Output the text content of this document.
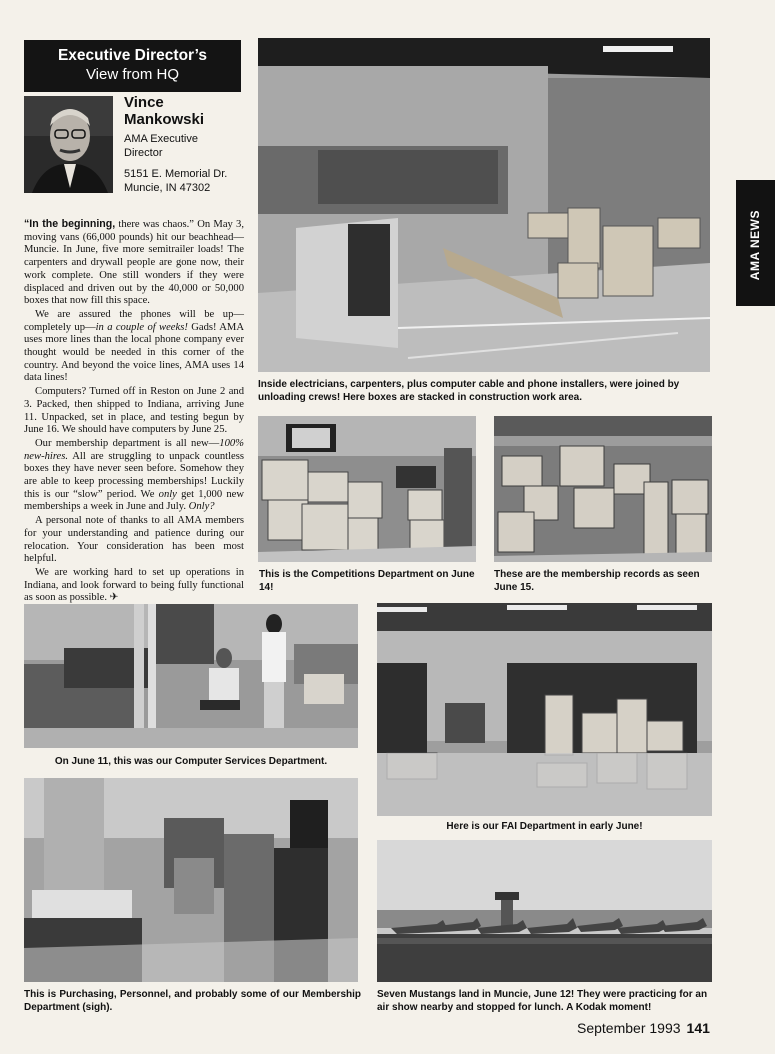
Executive Director’s
View from HQ
Vince
Mankowski
AMA Executive
Director
5151 E. Memorial Dr.
Muncie, IN 47302

“In the beginning, there was chaos.” On May 3, moving vans (66,000 pounds) hit our beachhead—Muncie. In June, five more semitrailer loads! The carpenters and drywall people are gone now, their work complete. One still wonders if they were displaced and driven out by the 40,000 or 50,000 boxes that now fill this space.

We are assured the phones will be up—completely up—in a couple of weeks! Gads! AMA uses more lines than the local phone company ever thought would be needed in this corner of the country. And beyond the voice lines, AMA uses 14 data lines!

Computers? Turned off in Reston on June 2 and 3. Packed, then shipped to Indiana, arriving June 11. Unpacked, set in place, and testing begun by June 16. We should have computers by June 25.

Our membership department is all new—100% new-hires. All are struggling to unpack countless boxes they have never seen before. Somehow they are able to keep processing memberships! Luckily this is our “slow” period. We only get 1,000 new memberships a week in June and July. Only?

A personal note of thanks to all AMA members for your understanding and patience during our relocation. Your consideration has been most helpful.

We are working hard to set up operations in Indiana, and look forward to being fully functional as soon as possible. ✈

Inside electricians, carpenters, plus computer cable and phone installers, were joined by unloading crews! Here boxes are stacked in construction work area.
AMA NEWS
This is the Competitions Department on June 14!
These are the membership records as seen June 15.
On June 11, this was our Computer Services Department.
Here is our FAI Department in early June!
This is Purchasing, Personnel, and probably some of our Membership Department (sigh).
Seven Mustangs land in Muncie, June 12! They were practicing for an air show nearby and stopped for lunch. A Kodak moment!
September 1993 141
